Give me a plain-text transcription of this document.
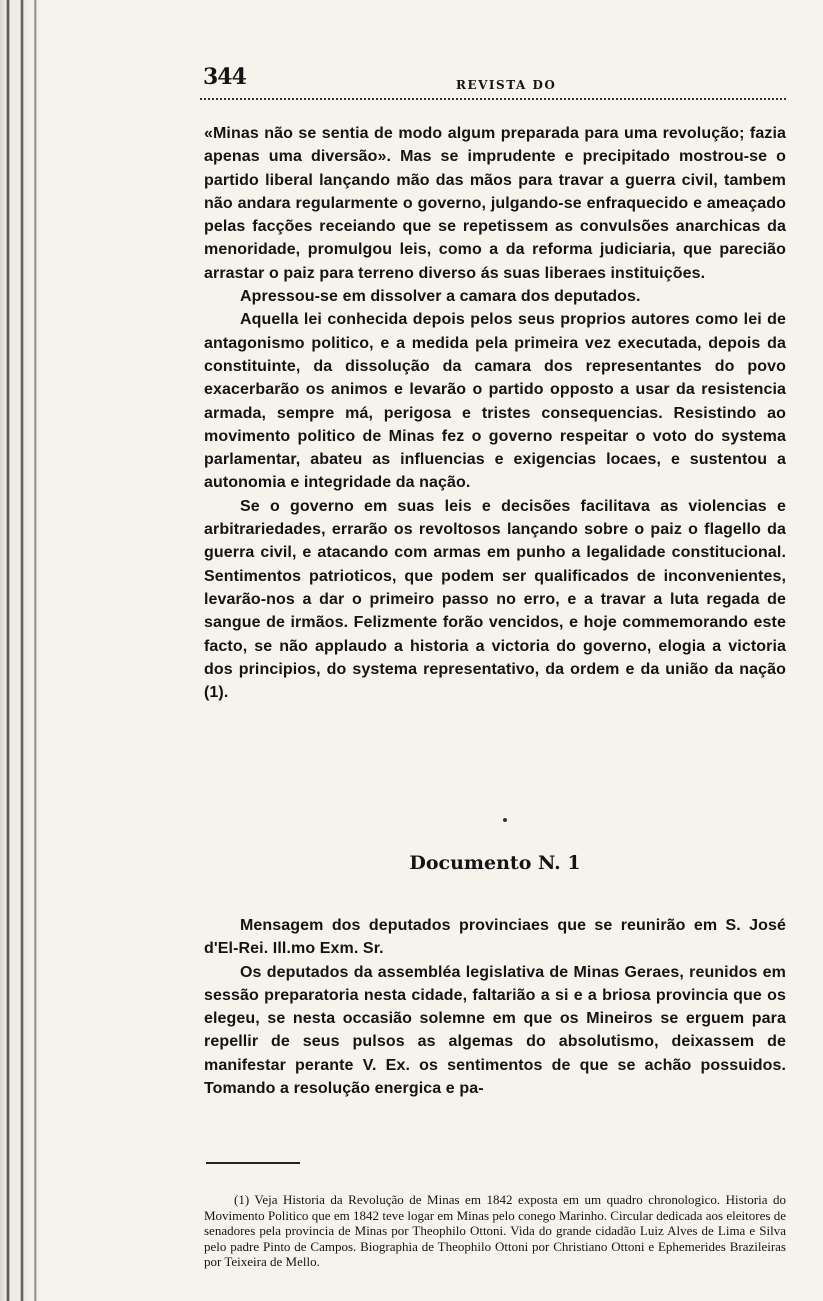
344	REVISTA DO

«Minas não se sentia de modo algum preparada para uma revolução; fazia apenas uma diversão». Mas se imprudente e precipitado mostrou-se o partido liberal lançando mão das mãos para travar a guerra civil, tambem não andara regularmente o governo, julgando-se enfraquecido e ameaçado pelas facções receiando que se repetissem as convulsões anarchicas da menoridade, promulgou leis, como a da reforma judiciaria, que parecião arrastar o paiz para terreno diverso ás suas liberaes instituições.

Apressou-se em dissolver a camara dos deputados.

Aquella lei conhecida depois pelos seus proprios autores como lei de antagonismo politico, e a medida pela primeira vez executada, depois da constituinte, da dissolução da camara dos representantes do povo exacerbarão os animos e levarão o partido opposto a usar da resistencia armada, sempre má, perigosa e tristes consequencias. Resistindo ao movimento politico de Minas fez o governo respeitar o voto do systema parlamentar, abateu as influencias e exigencias locaes, e sustentou a autonomia e integridade da nação.

Se o governo em suas leis e decisões facilitava as violencias e arbitrariedades, errarão os revoltosos lançando sobre o paiz o flagello da guerra civil, e atacando com armas em punho a legalidade constitucional. Sentimentos patrioticos, que podem ser qualificados de inconvenientes, levarão-nos a dar o primeiro passo no erro, e a travar a luta regada de sangue de irmãos. Felizmente forão vencidos, e hoje commemorando este facto, se não applaudo a historia a victoria do governo, elogia a victoria dos principios, do systema representativo, da ordem e da união da nação (1).

Documento N. 1

Mensagem dos deputados provinciaes que se reunirão em S. José d'El-Rei. Ill.mo Exm. Sr.

Os deputados da assembléa legislativa de Minas Geraes, reunidos em sessão preparatoria nesta cidade, faltarião a si e a briosa provincia que os elegeu, se nesta occasião solemne em que os Mineiros se erguem para repellir de seus pulsos as algemas do absolutismo, deixassem de manifestar perante V. Ex. os sentimentos de que se achão possuidos. Tomando a resolução energica e pa-

(1) Veja Historia da Revolução de Minas em 1842 exposta em um quadro chronologico. Historia do Movimento Politico que em 1842 teve logar em Minas pelo conego Marinho. Circular dedicada aos eleitores de senadores pela provincia de Minas por Theophilo Ottoni. Vida do grande cidadão Luiz Alves de Lima e Silva pelo padre Pinto de Campos. Biographia de Theophilo Ottoni por Christiano Ottoni e Ephemerides Brazileiras por Teixeira de Mello.
